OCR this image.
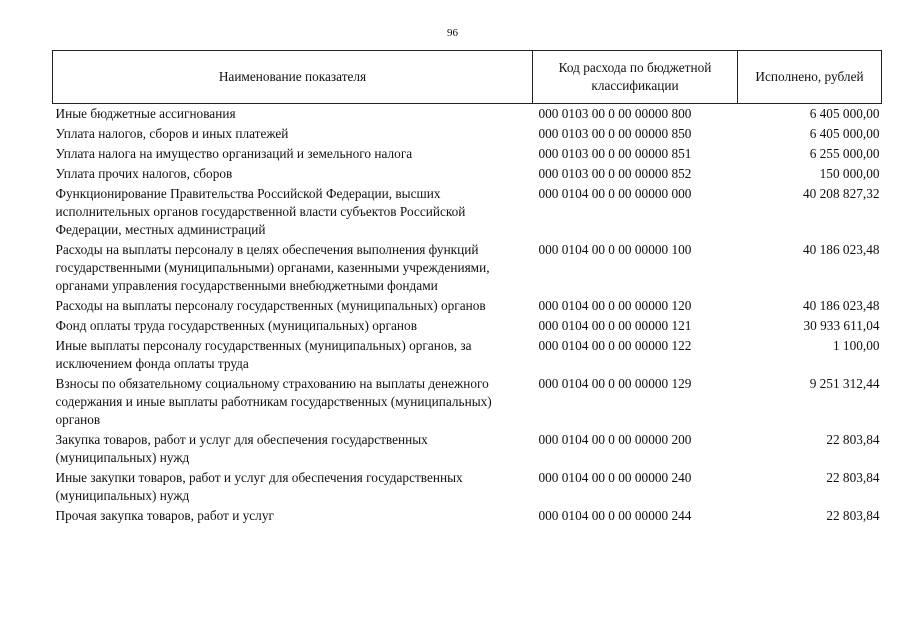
96
Наименование показателя	Код расхода по бюджетной классификации	Исполнено, рублей
Иные бюджетные ассигнования	000 0103 00 0 00 00000 800	6 405 000,00
Уплата налогов, сборов и иных платежей	000 0103 00 0 00 00000 850	6 405 000,00
Уплата налога на имущество организаций и земельного налога	000 0103 00 0 00 00000 851	6 255 000,00
Уплата прочих налогов, сборов	000 0103 00 0 00 00000 852	150 000,00
Функционирование Правительства Российской Федерации, высших исполнительных органов государственной власти субъектов Российской Федерации, местных администраций	000 0104 00 0 00 00000 000	40 208 827,32
Расходы на выплаты персоналу в целях обеспечения выполнения функций государственными (муниципальными) органами, казенными учреждениями, органами управления государственными внебюджетными фондами	000 0104 00 0 00 00000 100	40 186 023,48
Расходы на выплаты персоналу государственных (муниципальных) органов	000 0104 00 0 00 00000 120	40 186 023,48
Фонд оплаты труда государственных (муниципальных) органов	000 0104 00 0 00 00000 121	30 933 611,04
Иные выплаты персоналу государственных (муниципальных) органов, за исключением фонда оплаты труда	000 0104 00 0 00 00000 122	1 100,00
Взносы по обязательному социальному страхованию на выплаты денежного содержания и иные выплаты работникам государственных (муниципальных) органов	000 0104 00 0 00 00000 129	9 251 312,44
Закупка товаров, работ и услуг для обеспечения государственных (муниципальных) нужд	000 0104 00 0 00 00000 200	22 803,84
Иные закупки товаров, работ и услуг для обеспечения государственных (муниципальных) нужд	000 0104 00 0 00 00000 240	22 803,84
Прочая закупка товаров, работ и услуг	000 0104 00 0 00 00000 244	22 803,84
